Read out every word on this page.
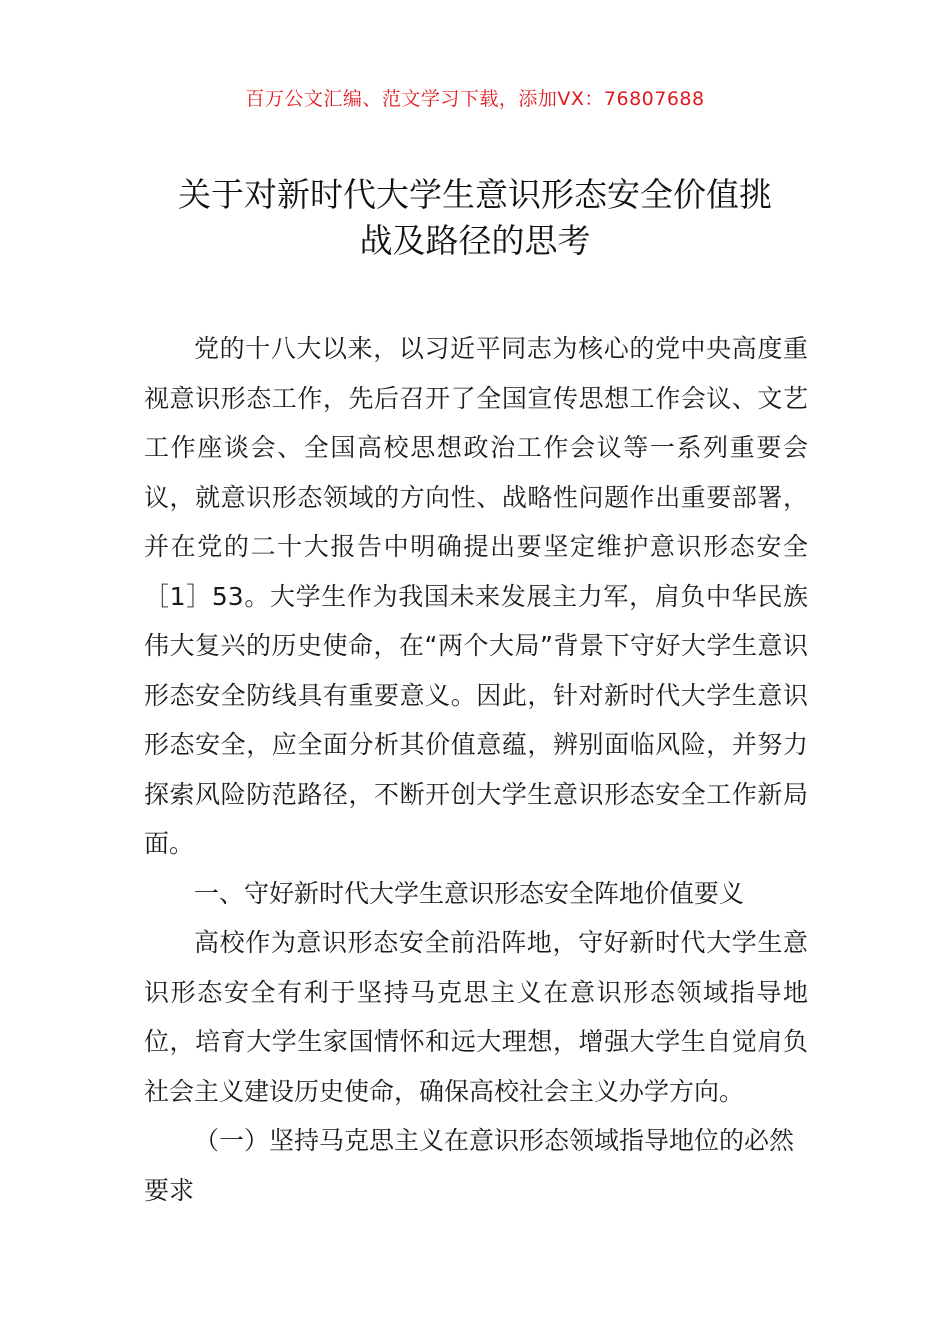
百万公文汇编、范文学习下载，添加VX：76807688
关于对新时代大学生意识形态安全价值挑
战及路径的思考

党的十八大以来，以习近平同志为核心的党中央高度重视意识形态工作，先后召开了全国宣传思想工作会议、文艺工作座谈会、全国高校思想政治工作会议等一系列重要会议，就意识形态领域的方向性、战略性问题作出重要部署，并在党的二十大报告中明确提出要坚定维护意识形态安全［1］53。大学生作为我国未来发展主力军，肩负中华民族伟大复兴的历史使命，在“两个大局”背景下守好大学生意识形态安全防线具有重要意义。因此，针对新时代大学生意识形态安全，应全面分析其价值意蕴，辨别面临风险，并努力探索风险防范路径，不断开创大学生意识形态安全工作新局面。

一、守好新时代大学生意识形态安全阵地价值要义

高校作为意识形态安全前沿阵地，守好新时代大学生意识形态安全有利于坚持马克思主义在意识形态领域指导地位，培育大学生家国情怀和远大理想，增强大学生自觉肩负社会主义建设历史使命，确保高校社会主义办学方向。

（一）坚持马克思主义在意识形态领域指导地位的必然要求
